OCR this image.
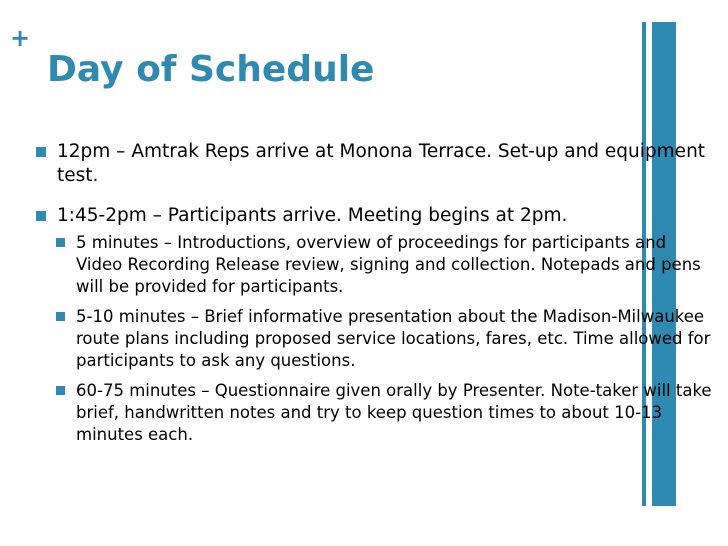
+
Day of Schedule
12pm – Amtrak Reps arrive at Monona Terrace. Set-up and equipment test.
1:45-2pm – Participants arrive. Meeting begins at 2pm.
5 minutes – Introductions, overview of proceedings for participants and Video Recording Release review, signing and collection. Notepads and pens will be provided for participants.
5-10 minutes – Brief informative presentation about the Madison-Milwaukee route plans including proposed service locations, fares, etc. Time allowed for participants to ask any questions.
60-75 minutes – Questionnaire given orally by Presenter. Note-taker will take brief, handwritten notes and try to keep question times to about 10-13 minutes each.
